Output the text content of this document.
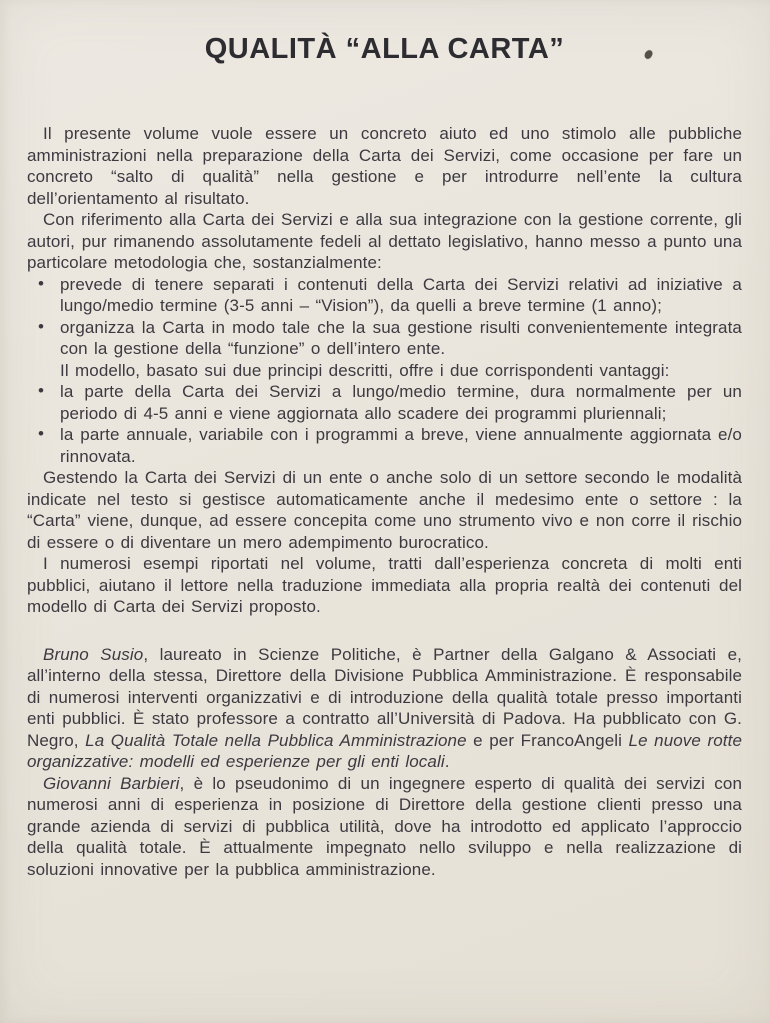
QUALITÀ “ALLA CARTA”

Il presente volume vuole essere un concreto aiuto ed uno stimolo alle pubbliche amministrazioni nella preparazione della Carta dei Servizi, come occasione per fare un concreto “salto di qualità” nella gestione e per introdurre nell’ente la cultura dell’orientamento al risultato.

Con riferimento alla Carta dei Servizi e alla sua integrazione con la gestione corrente, gli autori, pur rimanendo assolutamente fedeli al dettato legislativo, hanno messo a punto una particolare metodologia che, sostanzialmente:

• prevede di tenere separati i contenuti della Carta dei Servizi relativi ad iniziative a lungo/medio termine (3-5 anni – “Vision”), da quelli a breve termine (1 anno);
• organizza la Carta in modo tale che la sua gestione risulti convenientemente integrata con la gestione della “funzione” o dell’intero ente.

Il modello, basato sui due principi descritti, offre i due corrispondenti vantaggi:

• la parte della Carta dei Servizi a lungo/medio termine, dura normalmente per un periodo di 4-5 anni e viene aggiornata allo scadere dei programmi pluriennali;
• la parte annuale, variabile con i programmi a breve, viene annualmente aggiornata e/o rinnovata.

Gestendo la Carta dei Servizi di un ente o anche solo di un settore secondo le modalità indicate nel testo si gestisce automaticamente anche il medesimo ente o settore : la “Carta” viene, dunque, ad essere concepita come uno strumento vivo e non corre il rischio di essere o di diventare un mero adempimento burocratico.

I numerosi esempi riportati nel volume, tratti dall’esperienza concreta di molti enti pubblici, aiutano il lettore nella traduzione immediata alla propria realtà dei contenuti del modello di Carta dei Servizi proposto.

Bruno Susio, laureato in Scienze Politiche, è Partner della Galgano & Associati e, all’interno della stessa, Direttore della Divisione Pubblica Amministrazione. È responsabile di numerosi interventi organizzativi e di introduzione della qualità totale presso importanti enti pubblici. È stato professore a contratto all’Università di Padova. Ha pubblicato con G. Negro, La Qualità Totale nella Pubblica Amministrazione e per FrancoAngeli Le nuove rotte organizzative: modelli ed esperienze per gli enti locali.

Giovanni Barbieri, è lo pseudonimo di un ingegnere esperto di qualità dei servizi con numerosi anni di esperienza in posizione di Direttore della gestione clienti presso una grande azienda di servizi di pubblica utilità, dove ha introdotto ed applicato l’approccio della qualità totale. È attualmente impegnato nello sviluppo e nella realizzazione di soluzioni innovative per la pubblica amministrazione.
